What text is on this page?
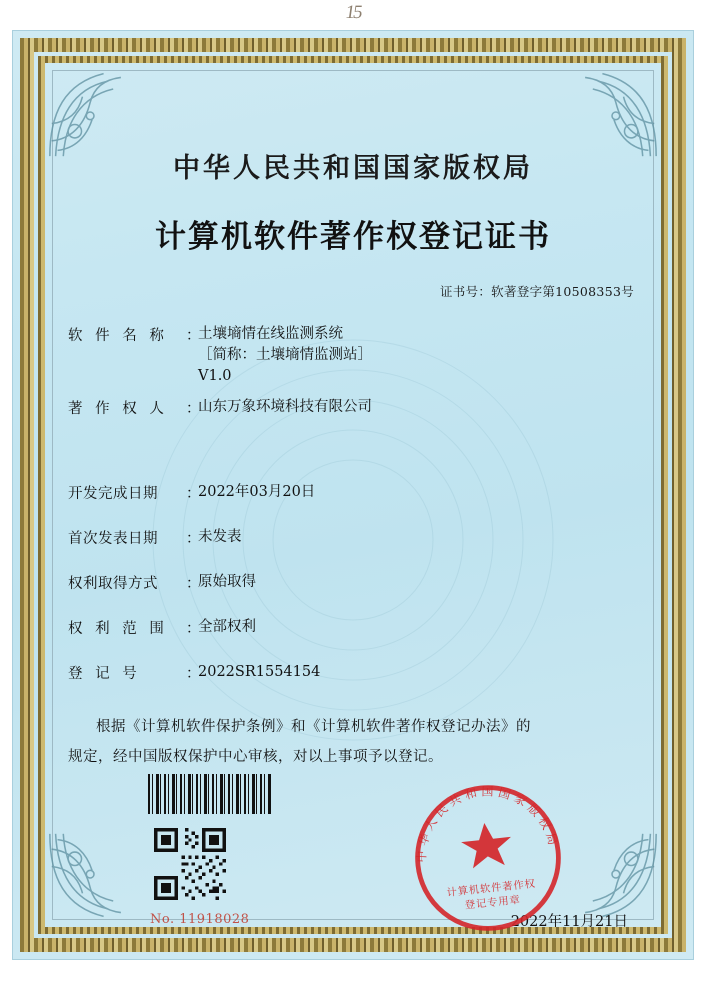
15
中华人民共和国国家版权局
计算机软件著作权登记证书
证书号：软著登字第10508353号
软 件 名 称	：
土壤墒情在线监测系统
［简称：土壤墒情监测站］
V1.0
著 作 权 人	：
山东万象环境科技有限公司
开发完成日期	：
2022年03月20日
首次发表日期	：
未发表
权利取得方式	：
原始取得
权 利 范 围	：
全部权利
登 记 号	：
2022SR1554154
根据《计算机软件保护条例》和《计算机软件著作权登记办法》的
规定，经中国版权保护中心审核，对以上事项予以登记。
No. 11918028	2022年11月21日
中华人民共和国国家版权局
计算机软件著作权
登记专用章
